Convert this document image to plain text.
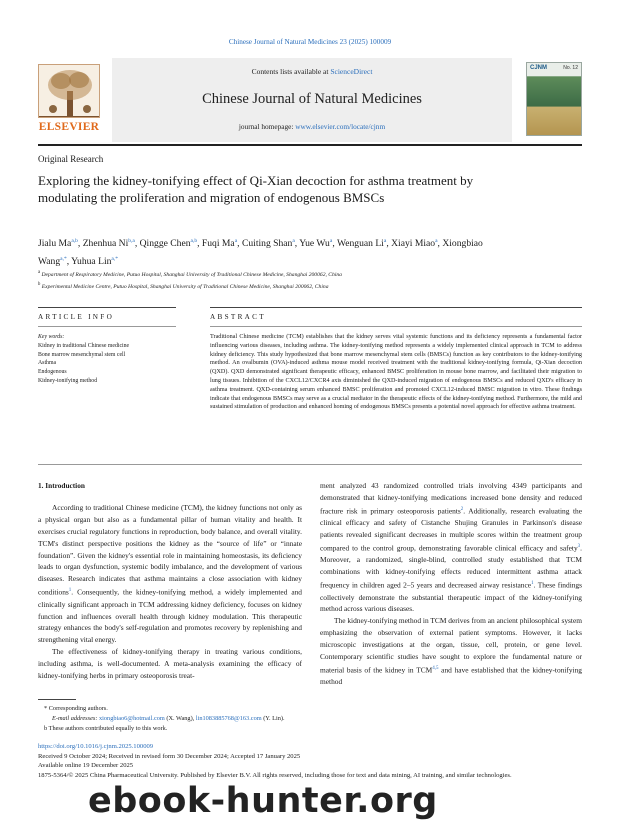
Chinese Journal of Natural Medicines 23 (2025) 100009
ELSEVIER
Contents lists available at ScienceDirect
Chinese Journal of Natural Medicines
journal homepage: www.elsevier.com/locate/cjnm
CJNM	No. 12
Original Research
Exploring the kidney-tonifying effect of Qi-Xian decoction for asthma treatment by modulating the proliferation and migration of endogenous BMSCs
Jialu Ma$^{a,b}$, Zhenhua Ni$^{b,a}$, Qingge Chen$^{a,b}$, Fuqi Ma$^a$, Cuiting Shan$^a$, Yue Wu$^a$, Wenguan Li$^a$, Xiayi Miao$^a$, Xiongbiao Wang$^{a,*}$, Yuhua Lin$^{a,*}$
$^a$ Department of Respiratory Medicine, Putuo Hospital, Shanghai University of Traditional Chinese Medicine, Shanghai 200062, China
$^b$ Experimental Medicine Centre, Putuo Hospital, Shanghai University of Traditional Chinese Medicine, Shanghai 200062, China
ARTICLE INFO	ABSTRACT
Key words:
Kidney in traditional Chinese medicine
Bone marrow mesenchymal stem cell
Asthma
Endogenous
Kidney-tonifying method
Traditional Chinese medicine (TCM) establishes that the kidney serves vital systemic functions and its deficiency represents a fundamental factor influencing various diseases, including asthma. The kidney-tonifying method represents a widely implemented clinical approach in TCM to address kidney deficiency. This study hypothesized that bone marrow mesenchymal stem cells (BMSCs) function as key contributors to the kidney-tonifying method. An ovalbumin (OVA)-induced asthma mouse model received treatment with the traditional kidney-tonifying formula, Qi-Xian decoction (QXD). QXD demonstrated significant therapeutic efficacy, enhanced BMSC proliferation in mouse bone marrow, and facilitated their migration to lung tissues. Inhibition of the CXCL12/CXCR4 axis diminished the QXD-induced migration of endogenous BMSCs and reduced QXD's efficacy in asthma treatment. QXD-containing serum enhanced BMSC proliferation and promoted CXCL12-induced BMSC migration in vitro. These findings indicate that endogenous BMSCs may serve as a crucial mediator in the therapeutic effects of the kidney-tonifying method. Furthermore, the mild and sustained stimulation of production and enhanced homing of endogenous BMSCs presents a potential novel approach for effective asthma treatment.
1. Introduction

According to traditional Chinese medicine (TCM), the kidney functions not only as a physical organ but also as a fundamental pillar of human vitality and health. It exercises crucial regulatory functions in reproduction, body balance, and overall vitality. TCM's distinct perspective positions the kidney as the “source of life” or “innate foundation”. Given the kidney's essential role in maintaining homeostasis, its deficiency leads to organ dysfunction, systemic bodily imbalance, and the development of various diseases. Research indicates that asthma maintains a close association with kidney conditions$^1$. Consequently, the kidney-tonifying method, a widely implemented and clinically significant approach in TCM addressing kidney deficiency, focuses on kidney function and influences overall health through kidney modulation. This therapeutic strategy enhances the body's self-regulation and promotes recovery by replenishing and strengthening vital energy.

The effectiveness of kidney-tonifying therapy in treating various conditions, including asthma, is well-documented. A meta-analysis examining the efficacy of kidney-tonifying herbs in primary osteoporosis treat-

ment analyzed 43 randomized controlled trials involving 4349 participants and demonstrated that kidney-tonifying medications increased bone density and reduced fracture risk in primary osteoporosis patients$^2$. Additionally, research evaluating the clinical efficacy and safety of Cistanche Shujing Granules in Parkinson's disease patients revealed significant decreases in multiple scores within the treatment group compared to the control group, demonstrating favorable clinical efficacy and safety$^3$. Moreover, a randomized, single-blind, controlled study established that TCM combinations with kidney-tonifying effects reduced intermittent asthma attack frequency in children aged 2–5 years and decreased airway resistance$^1$. These findings collectively demonstrate the substantial therapeutic impact of the kidney-tonifying method across various diseases.

The kidney-tonifying method in TCM derives from an ancient philosophical system emphasizing the observation of external patient symptoms. However, it lacks microscopic investigations at the organ, tissue, cell, protein, or gene level. Contemporary scientific studies have sought to explore the fundamental nature or material basis of the kidney in TCM$^{4,5}$ and have established that the kidney-tonifying method

* Corresponding authors.
E-mail addresses: xiongbiao6@hotmail.com (X. Wang), lin1083885768@163.com (Y. Lin).
b These authors contributed equally to this work.
https://doi.org/10.1016/j.cjnm.2025.100009
Received 9 October 2024; Received in revised form 30 December 2024; Accepted 17 January 2025
Available online 19 December 2025
1875-5364/© 2025 China Pharmaceutical University. Published by Elsevier B.V. All rights reserved, including those for text and data mining, AI training, and similar technologies.
ebook-hunter.org
